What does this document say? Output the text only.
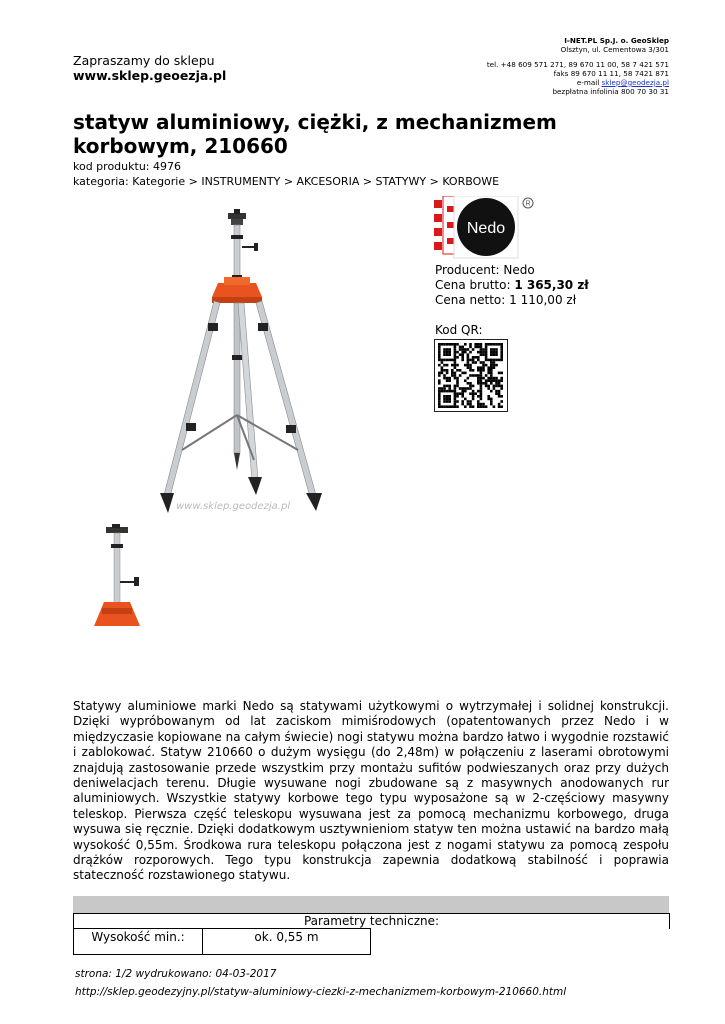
Zapraszamy do sklepu
www.sklep.geoezja.pl
I-NET.PL Sp.J. o. GeoSklep
Olsztyn, ul. Cementowa 3/301
tel. +48 609 571 271, 89 670 11 00, 58 7 421 571
faks 89 670 11 11, 58 7421 871
e-mail sklep@geodezja.pl
bezpłatna infolinia 800 70 30 31
statyw aluminiowy, ciężki, z mechanizmem korbowym, 210660
kod produktu: 4976
kategoria: Kategorie > INSTRUMENTY > AKCESORIA > STATYWY > KORBOWE
www.sklep.geodezja.pl
Nedo
R
Producent: Nedo
Cena brutto: 1 365,30 zł
Cena netto: 1 110,00 zł
Kod QR:
Statywy aluminiowe marki Nedo są statywami użytkowymi o wytrzymałej i solidnej konstrukcji. Dzięki wypróbowanym od lat zaciskom mimiśrodowych (opatentowanych przez Nedo i w międzyczasie kopiowane na całym świecie) nogi statywu można bardzo łatwo i wygodnie rozstawić i zablokować. Statyw 210660 o dużym wysięgu (do 2,48m) w połączeniu z laserami obrotowymi znajdują zastosowanie przede wszystkim przy montażu sufitów podwieszanych oraz przy dużych deniwelacjach terenu. Długie wysuwane nogi zbudowane są z masywnych anodowanych rur aluminiowych. Wszystkie statywy korbowe tego typu wyposażone są w 2-częściowy masywny teleskop. Pierwsza część teleskopu wysuwana jest za pomocą mechanizmu korbowego, druga wysuwa się ręcznie. Dzięki dodatkowym usztywnieniom statyw ten można ustawić na bardzo małą wysokość 0,55m. Środkowa rura teleskopu połączona jest z nogami statywu za pomocą zespołu drążków rozporowych. Tego typu konstrukcja zapewnia dodatkową stabilność i poprawia stateczność rozstawionego statywu.
Parametry techniczne:
Wysokość min.:	ok. 0,55 m
strona: 1/2 wydrukowano: 04-03-2017
http://sklep.geodezyjny.pl/statyw-aluminiowy-ciezki-z-mechanizmem-korbowym-210660.html
